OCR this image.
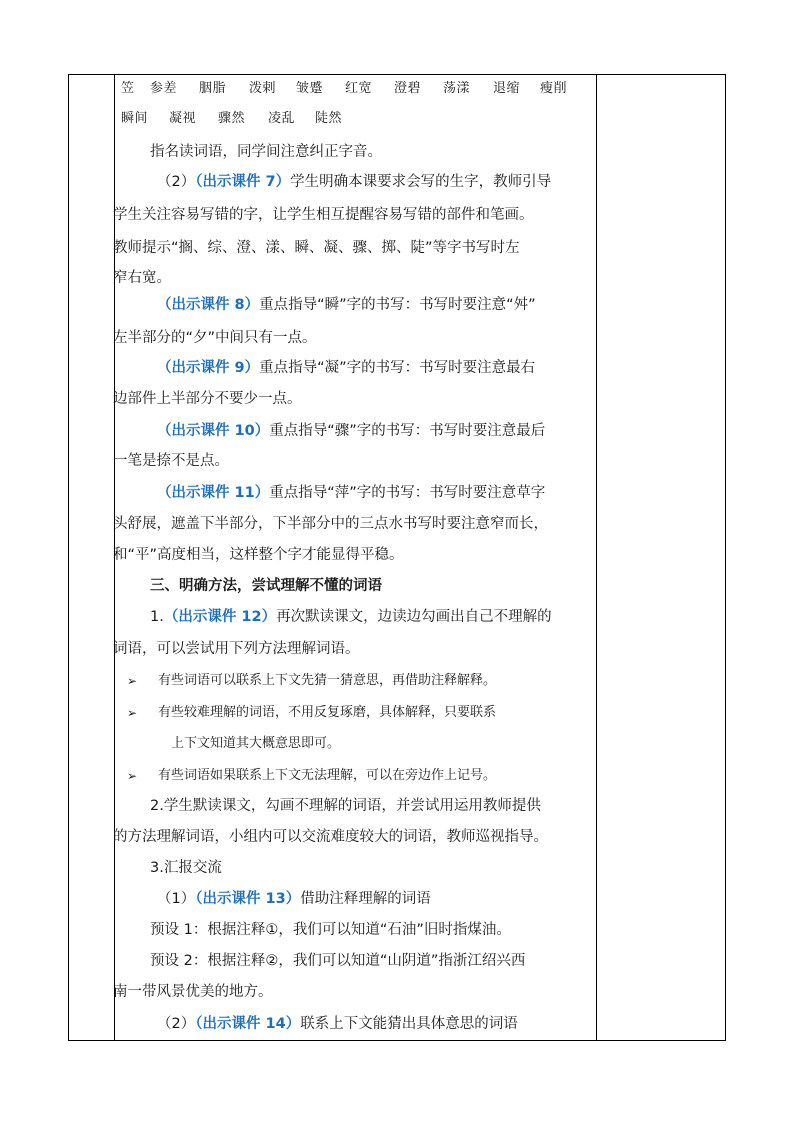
笠 参差 胭脂 泼剌 皱蹙 红宽 澄碧 荡漾 退缩 瘦削
瞬间 凝视 骤然 凌乱 陡然
指名读词语，同学间注意纠正字音。
（2）（出示课件 7）学生明确本课要求会写的生字，教师引导
学生关注容易写错的字，让学生相互提醒容易写错的部件和笔画。
教师提示“搁、综、澄、漾、瞬、凝、骤、掷、陡”等字书写时左
窄右宽。
（出示课件 8）重点指导“瞬”字的书写：书写时要注意“舛”
左半部分的“夕”中间只有一点。
（出示课件 9）重点指导“凝”字的书写：书写时要注意最右
边部件上半部分不要少一点。
（出示课件 10）重点指导“骤”字的书写：书写时要注意最后
一笔是捺不是点。
（出示课件 11）重点指导“萍”字的书写：书写时要注意草字
头舒展，遮盖下半部分，下半部分中的三点水书写时要注意窄而长，
和“平”高度相当，这样整个字才能显得平稳。
三、明确方法，尝试理解不懂的词语
1.（出示课件 12）再次默读课文，边读边勾画出自己不理解的
词语，可以尝试用下列方法理解词语。
➢ 有些词语可以联系上下文先猜一猜意思，再借助注释解释。
➢ 有些较难理解的词语，不用反复琢磨，具体解释，只要联系
上下文知道其大概意思即可。
➢ 有些词语如果联系上下文无法理解，可以在旁边作上记号。
2.学生默读课文，勾画不理解的词语，并尝试用运用教师提供
的方法理解词语，小组内可以交流难度较大的词语，教师巡视指导。
3.汇报交流
（1）（出示课件 13）借助注释理解的词语
预设 1：根据注释①，我们可以知道“石油”旧时指煤油。
预设 2：根据注释②，我们可以知道“山阴道”指浙江绍兴西
南一带风景优美的地方。
（2）（出示课件 14）联系上下文能猜出具体意思的词语
